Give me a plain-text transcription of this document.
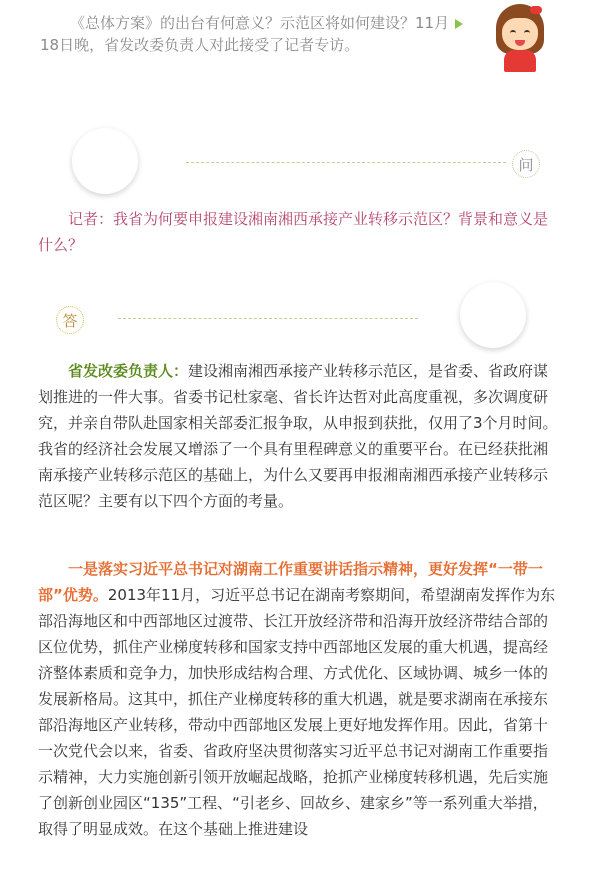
《总体方案》的出台有何意义？示范区将如何建设？11月18日晚，省发改委负责人对此接受了记者专访。

问

记者：我省为何要申报建设湘南湘西承接产业转移示范区？背景和意义是什么？

答

省发改委负责人：建设湘南湘西承接产业转移示范区，是省委、省政府谋划推进的一件大事。省委书记杜家毫、省长许达哲对此高度重视，多次调度研究，并亲自带队赴国家相关部委汇报争取，从申报到获批，仅用了3个月时间。我省的经济社会发展又增添了一个具有里程碑意义的重要平台。在已经获批湘南承接产业转移示范区的基础上，为什么又要再申报湘南湘西承接产业转移示范区呢？主要有以下四个方面的考量。

一是落实习近平总书记对湖南工作重要讲话指示精神，更好发挥“一带一部”优势。2013年11月，习近平总书记在湖南考察期间，希望湖南发挥作为东部沿海地区和中西部地区过渡带、长江开放经济带和沿海开放经济带结合部的区位优势，抓住产业梯度转移和国家支持中西部地区发展的重大机遇，提高经济整体素质和竞争力，加快形成结构合理、方式优化、区域协调、城乡一体的发展新格局。这其中，抓住产业梯度转移的重大机遇，就是要求湖南在承接东部沿海地区产业转移，带动中西部地区发展上更好地发挥作用。因此，省第十一次党代会以来，省委、省政府坚决贯彻落实习近平总书记对湖南工作重要指示精神，大力实施创新引领开放崛起战略，抢抓产业梯度转移机遇，先后实施了创新创业园区“135”工程、“引老乡、回故乡、建家乡”等一系列重大举措，取得了明显成效。在这个基础上推进建设
